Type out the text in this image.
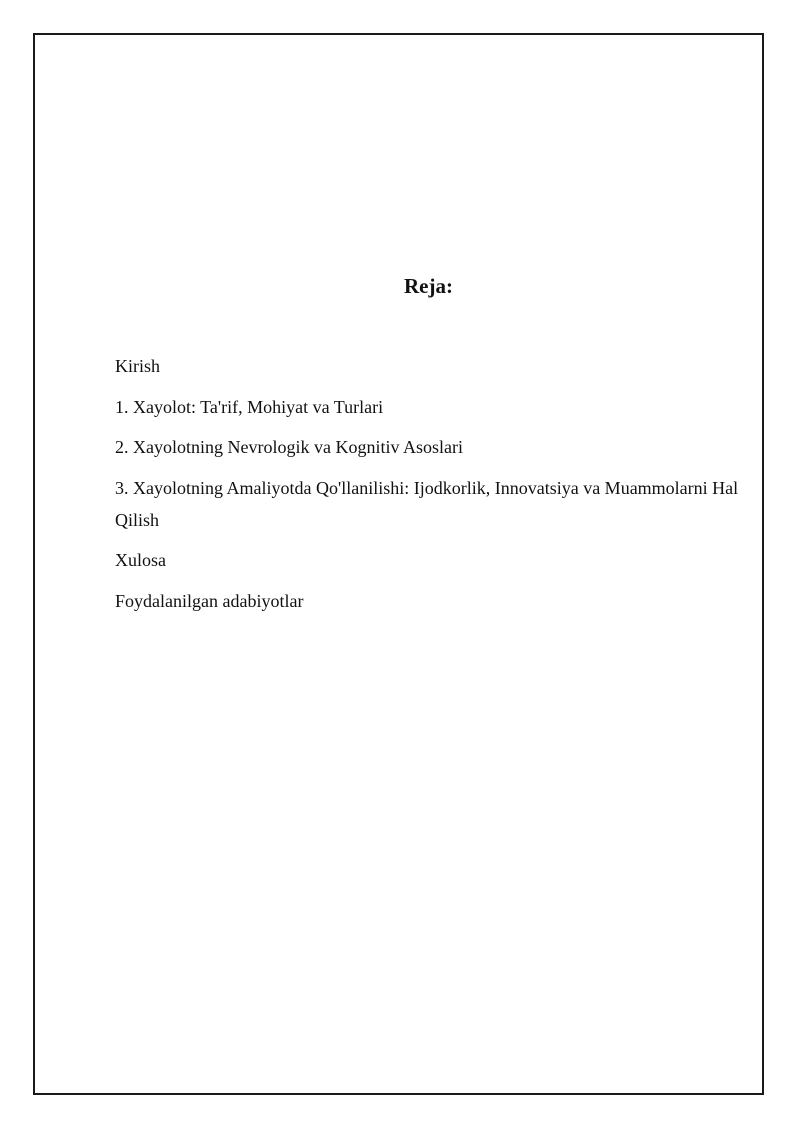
Reja:
Kirish
1. Xayolot: Ta'rif, Mohiyat va Turlari
2. Xayolotning Nevrologik va Kognitiv Asoslari
3. Xayolotning Amaliyotda Qo'llanilishi: Ijodkorlik, Innovatsiya va Muammolarni Hal Qilish
Xulosa
Foydalanilgan adabiyotlar
